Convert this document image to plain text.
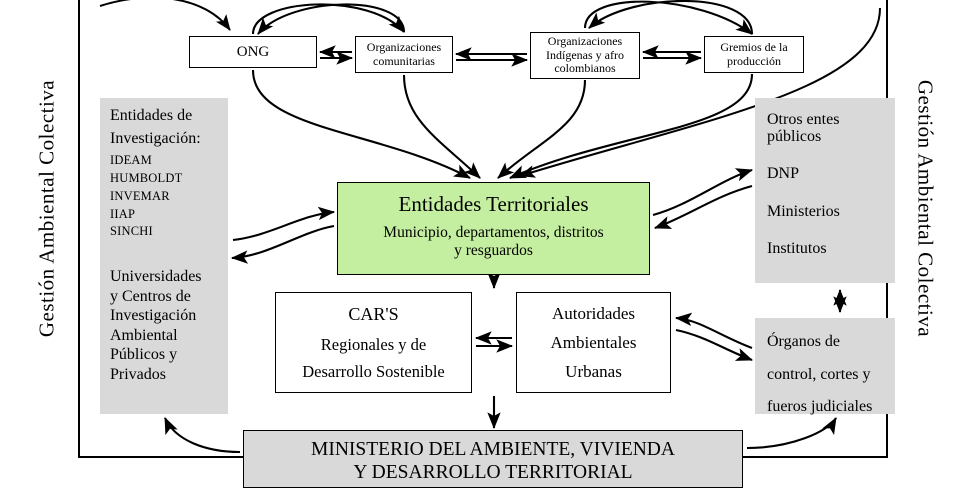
Gestión Ambiental Colectiva	Gestión Ambiental Colectiva
ONG	Organizaciones
comunitarias
Organizaciones
Indígenas y afro
colombianos
Gremios de la
producción
Entidades Territoriales
Municipio, departamentos, distritos
y resguardos
CAR'S
Regionales y de
Desarrollo Sostenible
Autoridades
Ambientales
Urbanas
MINISTERIO DEL AMBIENTE, VIVIENDA
Y DESARROLLO TERRITORIAL
Entidades de
Investigación:
IDEAM
HUMBOLDT
INVEMAR
IIAP
SINCHI
Universidades
y Centros de
Investigación
Ambiental
Públicos y
Privados
Otros entes
públicos
DNP
Ministerios
Institutos
Órganos de
control, cortes y
fueros judiciales
